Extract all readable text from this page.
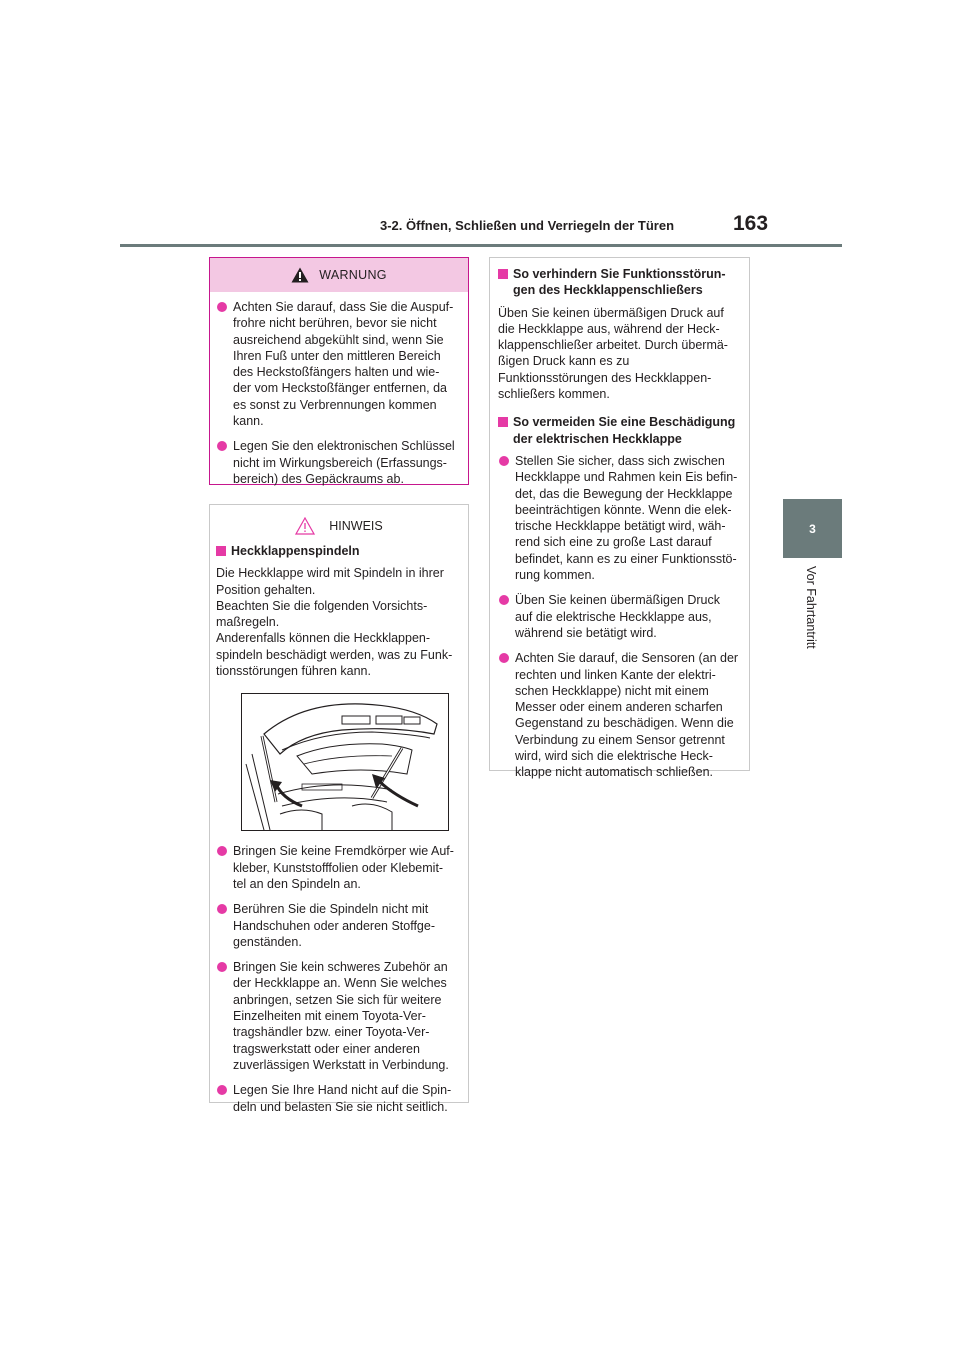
3-2. Öffnen, Schließen und Verriegeln der Türen	163
3
Vor Fahrtantritt
WARNUNG

Achten Sie darauf, dass Sie die Auspuf-
frohre nicht berühren, bevor sie nicht
ausreichend abgekühlt sind, wenn Sie
Ihren Fuß unter den mittleren Bereich
des Heckstoßfängers halten und wie-
der vom Heckstoßfänger entfernen, da
es sonst zu Verbrennungen kommen
kann.

Legen Sie den elektronischen Schlüssel
nicht im Wirkungsbereich (Erfassungs-
bereich) des Gepäckraums ab.

HINWEIS

Heckklappenspindeln

Die Heckklappe wird mit Spindeln in ihrer
Position gehalten.
Beachten Sie die folgenden Vorsichts-
maßregeln.
Anderenfalls können die Heckklappen-
spindeln beschädigt werden, was zu Funk-
tionsstörungen führen kann.

Bringen Sie keine Fremdkörper wie Auf-
kleber, Kunststofffolien oder Klebemit-
tel an den Spindeln an.

Berühren Sie die Spindeln nicht mit
Handschuhen oder anderen Stoffge-
genständen.

Bringen Sie kein schweres Zubehör an
der Heckklappe an. Wenn Sie welches
anbringen, setzen Sie sich für weitere
Einzelheiten mit einem Toyota-Ver-
tragshändler bzw. einer Toyota-Ver-
tragswerkstatt oder einer anderen
zuverlässigen Werkstatt in Verbindung.

Legen Sie Ihre Hand nicht auf die Spin-
deln und belasten Sie sie nicht seitlich.

So verhindern Sie Funktionsstörun-
gen des Heckklappenschließers

Üben Sie keinen übermäßigen Druck auf
die Heckklappe aus, während der Heck-
klappenschließer arbeitet. Durch übermä-
ßigen Druck kann es zu
Funktionsstörungen des Heckklappen-
schließers kommen.

So vermeiden Sie eine Beschädigung
der elektrischen Heckklappe

Stellen Sie sicher, dass sich zwischen
Heckklappe und Rahmen kein Eis befin-
det, das die Bewegung der Heckklappe
beeinträchtigen könnte. Wenn die elek-
trische Heckklappe betätigt wird, wäh-
rend sich eine zu große Last darauf
befindet, kann es zu einer Funktionsstö-
rung kommen.

Üben Sie keinen übermäßigen Druck
auf die elektrische Heckklappe aus,
während sie betätigt wird.

Achten Sie darauf, die Sensoren (an der
rechten und linken Kante der elektri-
schen Heckklappe) nicht mit einem
Messer oder einem anderen scharfen
Gegenstand zu beschädigen. Wenn die
Verbindung zu einem Sensor getrennt
wird, wird sich die elektrische Heck-
klappe nicht automatisch schließen.
